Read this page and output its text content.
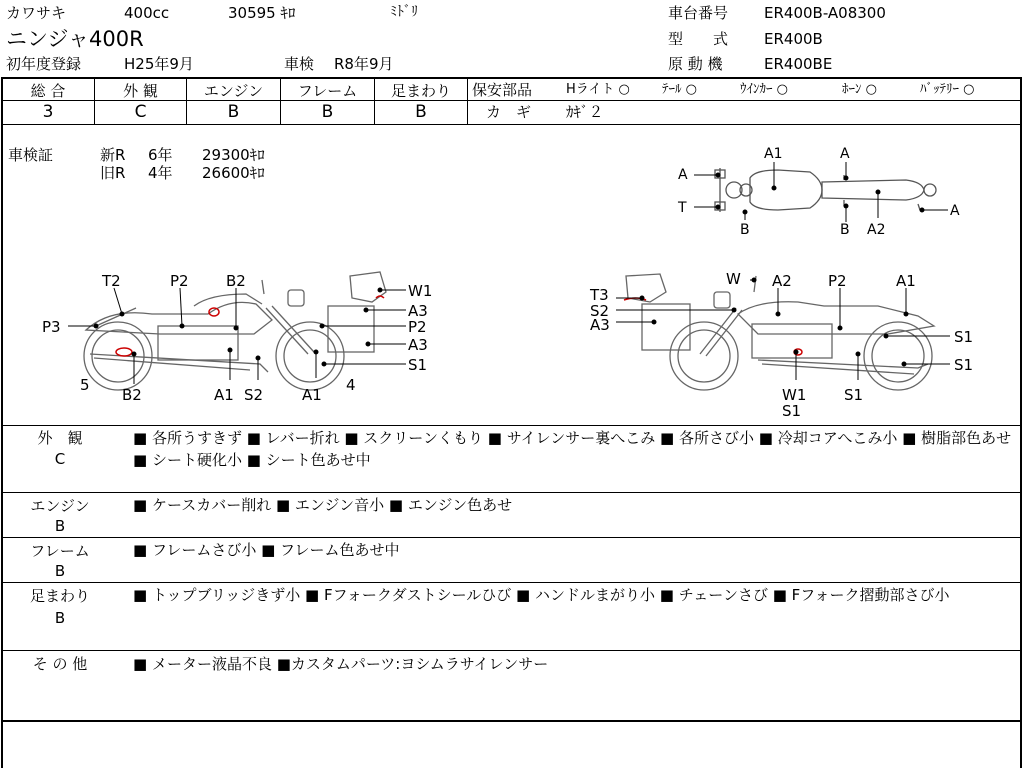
カワサキ	400cc	30595 ｷﾛ	ﾐﾄﾞﾘ
ニンジャ400R
初年度登録	H25年9月	車検 R8年9月
車台番号 ER400B-A08300
型　　式 ER400B
原 動 機	ER400BE
総 合	外 観	エンジン	フレーム	足まわり
3	C	B	B	B
保安部品	Hライト ○ ﾃｰﾙ ○	ｳｲﾝｶｰ ○	ﾎｰﾝ ○	ﾊﾞｯﾃﾘｰ ○
カ　ギ ｶｷﾞ２
車検証	新R 6年 29300ｷﾛ
旧R 4年 26600ｷﾛ
A1	A
A
A
T
B	B A2
T2	P2 B2
W1
A3
P3	P2
A3
S1
5
B2	A1 S2	A1
4
W A2 P2	A1
T3
S2
A3
S1
S1
W1
S1
S1
外　観
C
■ 各所うすきず ■ レバー折れ ■ スクリーンくもり ■ サイレンサー裏へこみ ■ 各所さび小 ■ 冷却コアへこみ小 ■ 樹脂部色あせ ■ シート硬化小 ■ シート色あせ中
エンジン
B
■ ケースカバー削れ ■ エンジン音小 ■ エンジン色あせ
フレーム
B
■ フレームさび小 ■ フレーム色あせ中
足まわり
B
■ トップブリッジきず小 ■ Fフォークダストシールひび ■ ハンドルまがり小 ■ チェーンさび ■ Fフォーク摺動部さび小
そ の 他	■ メーター液晶不良 ■カスタムパーツ:ヨシムラサイレンサー
